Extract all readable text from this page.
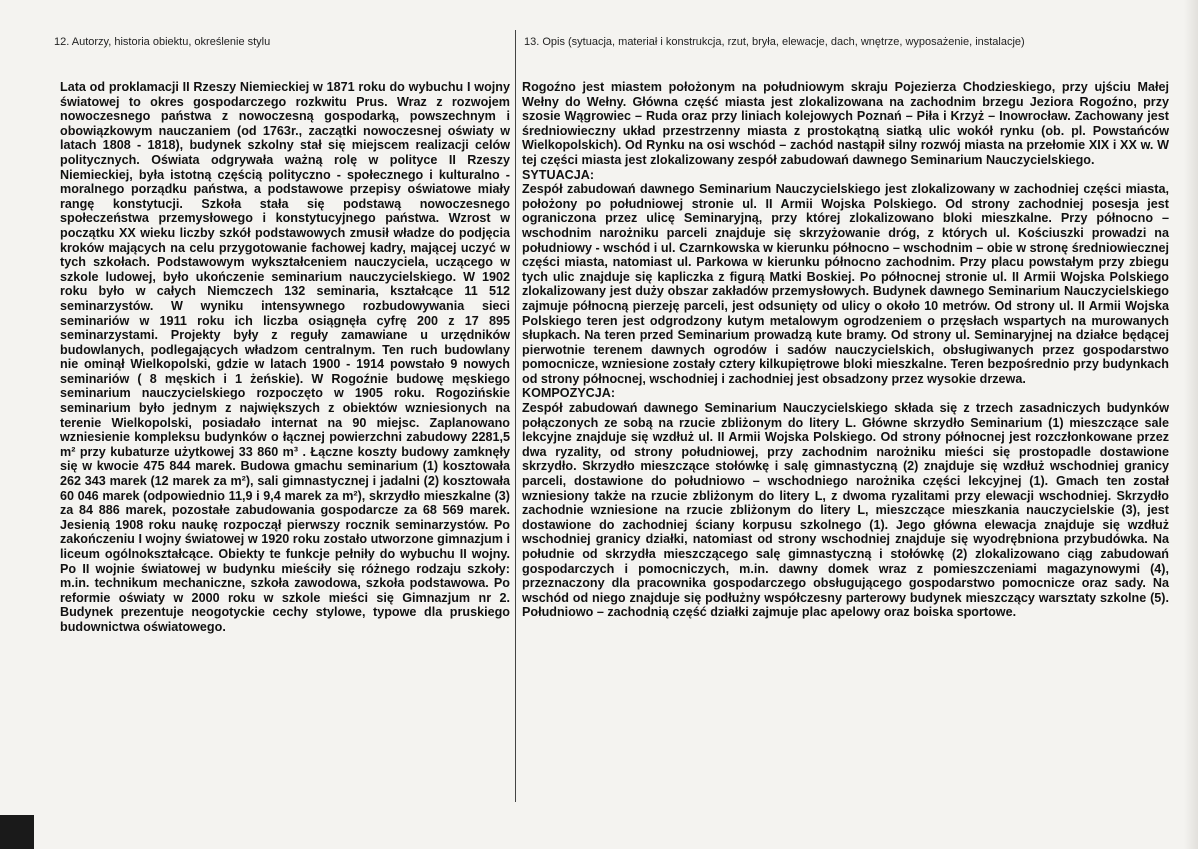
12. Autorzy, historia obiektu, określenie stylu	13. Opis (sytuacja, materiał i konstrukcja, rzut, bryła, elewacje, dach, wnętrze, wyposażenie, instalacje)

Lata od proklamacji II Rzeszy Niemieckiej w 1871 roku do wybuchu I wojny światowej to okres gospodarczego rozkwitu Prus. Wraz z rozwojem nowoczesnego państwa z nowoczesną gospodarką, powszechnym i obowiązkowym nauczaniem (od 1763r., zaczątki nowoczesnej oświaty w latach 1808 - 1818), budynek szkolny stał się miejscem realizacji celów politycznych. Oświata odgrywała ważną rolę w polityce II Rzeszy Niemieckiej, była istotną częścią polityczno - społecznego i kulturalno - moralnego porządku państwa, a podstawowe przepisy oświatowe miały rangę konstytucji. Szkoła stała się podstawą nowoczesnego społeczeństwa przemysłowego i konstytucyjnego państwa. Wzrost w początku XX wieku liczby szkół podstawowych zmusił władze do podjęcia kroków mających na celu przygotowanie fachowej kadry, mającej uczyć w tych szkołach. Podstawowym wykształceniem nauczyciela, uczącego w szkole ludowej, było ukończenie seminarium nauczycielskiego. W 1902 roku było w całych Niemczech 132 seminaria, kształcące 11 512 seminarzystów. W wyniku intensywnego rozbudowywania sieci seminariów w 1911 roku ich liczba osiągnęła cyfrę 200 z 17 895 seminarzystami. Projekty były z reguły zamawiane u urzędników budowlanych, podlegających władzom centralnym. Ten ruch budowlany nie ominął Wielkopolski, gdzie w latach 1900 - 1914 powstało 9 nowych seminariów ( 8 męskich i 1 żeńskie). W Rogoźnie budowę męskiego seminarium nauczycielskiego rozpoczęto w 1905 roku. Rogozińskie seminarium było jednym z największych z obiektów wzniesionych na terenie Wielkopolski, posiadało internat na 90 miejsc. Zaplanowano wzniesienie kompleksu budynków o łącznej powierzchni zabudowy 2281,5 m² przy kubaturze użytkowej 33 860 m³ . Łączne koszty budowy zamknęły się w kwocie 475 844 marek. Budowa gmachu seminarium (1) kosztowała 262 343 marek (12 marek za m²), sali gimnastycznej i jadalni (2) kosztowała 60 046 marek (odpowiednio 11,9 i 9,4 marek za m²), skrzydło mieszkalne (3) za 84 886 marek, pozostałe zabudowania gospodarcze za 68 569 marek. Jesienią 1908 roku naukę rozpoczął pierwszy rocznik seminarzystów. Po zakończeniu I wojny światowej w 1920 roku zostało utworzone gimnazjum i liceum ogólnokształcące. Obiekty te funkcje pełniły do wybuchu II wojny. Po II wojnie światowej w budynku mieściły się różnego rodzaju szkoły: m.in. technikum mechaniczne, szkoła zawodowa, szkoła podstawowa. Po reformie oświaty w 2000 roku w szkole mieści się Gimnazjum nr 2. Budynek prezentuje neogotyckie cechy stylowe, typowe dla pruskiego budownictwa oświatowego.

Rogoźno jest miastem położonym na południowym skraju Pojezierza Chodzieskiego, przy ujściu Małej Wełny do Wełny. Główna część miasta jest zlokalizowana na zachodnim brzegu Jeziora Rogoźno, przy szosie Wągrowiec – Ruda oraz przy liniach kolejowych Poznań – Piła i Krzyż – Inowrocław. Zachowany jest średniowieczny układ przestrzenny miasta z prostokątną siatką ulic wokół rynku (ob. pl. Powstańców Wielkopolskich). Od Rynku na osi wschód – zachód nastąpił silny rozwój miasta na przełomie XIX i XX w. W tej części miasta jest zlokalizowany zespół zabudowań dawnego Seminarium Nauczycielskiego.

SYTUACJA:

Zespół zabudowań dawnego Seminarium Nauczycielskiego jest zlokalizowany w zachodniej części miasta, położony po południowej stronie ul. II Armii Wojska Polskiego. Od strony zachodniej posesja jest ograniczona przez ulicę Seminaryjną, przy której zlokalizowano bloki mieszkalne. Przy północno – wschodnim narożniku parceli znajduje się skrzyżowanie dróg, z których ul. Kościuszki prowadzi na południowy - wschód i ul. Czarnkowska w kierunku północno – wschodnim – obie w stronę średniowiecznej części miasta, natomiast ul. Parkowa w kierunku północno zachodnim. Przy placu powstałym przy zbiegu tych ulic znajduje się kapliczka z figurą Matki Boskiej. Po północnej stronie ul. II Armii Wojska Polskiego zlokalizowany jest duży obszar zakładów przemysłowych. Budynek dawnego Seminarium Nauczycielskiego zajmuje północną pierzeję parceli, jest odsunięty od ulicy o około 10 metrów. Od strony ul. II Armii Wojska Polskiego teren jest odgrodzony kutym metalowym ogrodzeniem o przęsłach wspartych na murowanych słupkach. Na teren przed Seminarium prowadzą kute bramy. Od strony ul. Seminaryjnej na działce będącej pierwotnie terenem dawnych ogrodów i sadów nauczycielskich, obsługiwanych przez gospodarstwo pomocnicze, wzniesione zostały cztery kilkupiętrowe bloki mieszkalne. Teren bezpośrednio przy budynkach od strony północnej, wschodniej i zachodniej jest obsadzony przez wysokie drzewa.

KOMPOZYCJA:

Zespół zabudowań dawnego Seminarium Nauczycielskiego składa się z trzech zasadniczych budynków połączonych ze sobą na rzucie zbliżonym do litery L. Główne skrzydło Seminarium (1) mieszczące sale lekcyjne znajduje się wzdłuż ul. II Armii Wojska Polskiego. Od strony północnej jest rozczłonkowane przez dwa ryzality, od strony południowej, przy zachodnim narożniku mieści się prostopadle dostawione skrzydło. Skrzydło mieszczące stołówkę i salę gimnastyczną (2) znajduje się wzdłuż wschodniej granicy parceli, dostawione do południowo – wschodniego narożnika części lekcyjnej (1). Gmach ten został wzniesiony także na rzucie zbliżonym do litery L, z dwoma ryzalitami przy elewacji wschodniej. Skrzydło zachodnie wzniesione na rzucie zbliżonym do litery L, mieszczące mieszkania nauczycielskie (3), jest dostawione do zachodniej ściany korpusu szkolnego (1). Jego główna elewacja znajduje się wzdłuż wschodniej granicy działki, natomiast od strony wschodniej znajduje się wyodrębniona przybudówka. Na południe od skrzydła mieszczącego salę gimnastyczną i stołówkę (2) zlokalizowano ciąg zabudowań gospodarczych i pomocniczych, m.in. dawny domek wraz z pomieszczeniami magazynowymi (4), przeznaczony dla pracownika gospodarczego obsługującego gospodarstwo pomocnicze oraz sady. Na wschód od niego znajduje się podłużny współczesny parterowy budynek mieszczący warsztaty szkolne (5). Południowo – zachodnią część działki zajmuje plac apelowy oraz boiska sportowe.
